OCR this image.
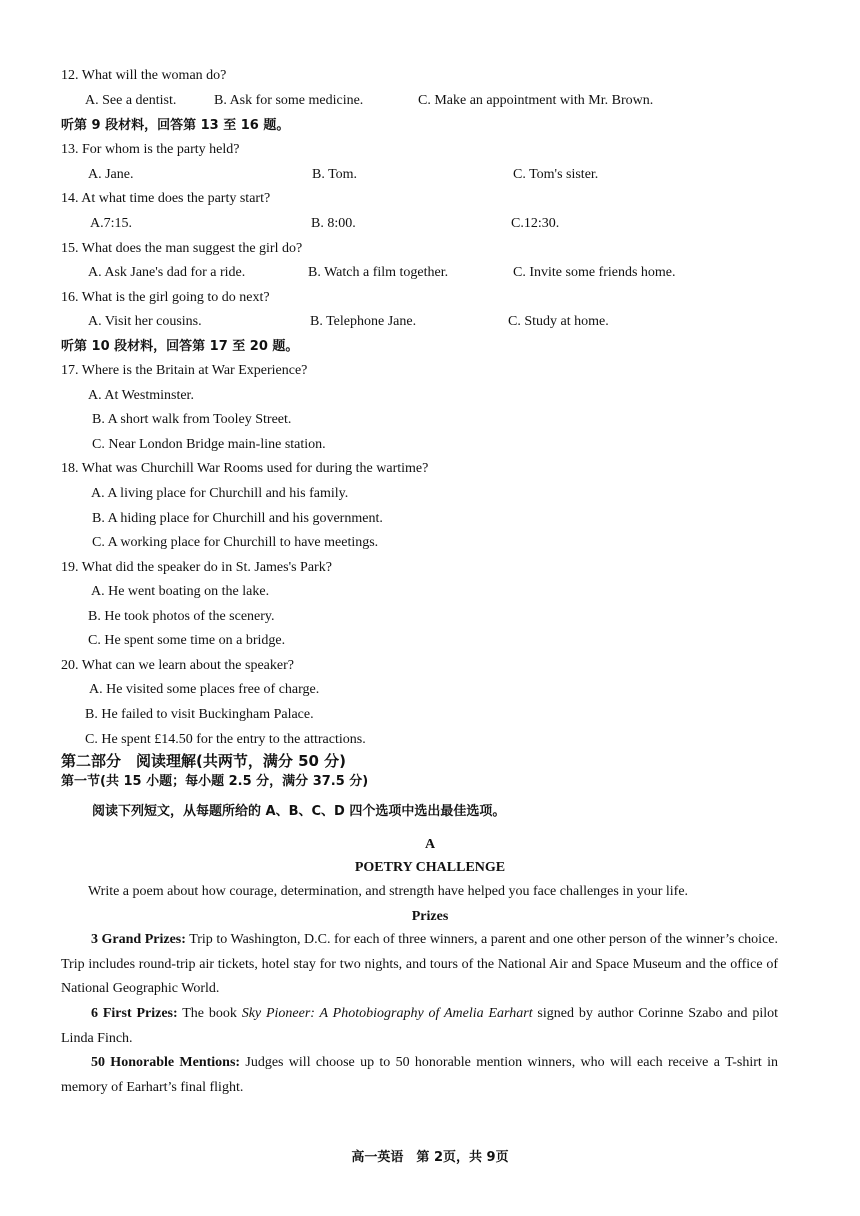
12. What will the woman do?
A. See a dentist.	B. Ask for some medicine.	C. Make an appointment with Mr. Brown.
听第 9 段材料，回答第 13 至 16 题。
13. For whom is the party held?
A. Jane.	B. Tom.	C. Tom's sister.
14. At what time does the party start?
A.7:15.	B. 8:00.	C.12:30.
15. What does the man suggest the girl do?
A. Ask Jane's dad for a ride.	B. Watch a film together.	C. Invite some friends home.
16. What is the girl going to do next?
A. Visit her cousins.	B. Telephone Jane.	C. Study at home.
听第 10 段材料，回答第 17 至 20 题。
17. Where is the Britain at War Experience?
A. At Westminster.
B. A short walk from Tooley Street.
C. Near London Bridge main-line station.
18. What was Churchill War Rooms used for during the wartime?
A. A living place for Churchill and his family.
B. A hiding place for Churchill and his government.
C. A working place for Churchill to have meetings.
19. What did the speaker do in St. James's Park?
A. He went boating on the lake.
B. He took photos of the scenery.
C. He spent some time on a bridge.
20. What can we learn about the speaker?
A. He visited some places free of charge.
B. He failed to visit Buckingham Palace.
C. He spent £14.50 for the entry to the attractions.
第二部分　阅读理解(共两节，满分 50 分)
第一节(共 15 小题；每小题 2.5 分，满分 37.5 分)
阅读下列短文，从每题所给的 A、B、C、D 四个选项中选出最佳选项。
A
POETRY CHALLENGE
Write a poem about how courage, determination, and strength have helped you face challenges in your life.
Prizes
3 Grand Prizes: Trip to Washington, D.C. for each of three winners, a parent and one other person of the winner’s choice. Trip includes round-trip air tickets, hotel stay for two nights, and tours of the National Air and Space Museum and the office of National Geographic World.
6 First Prizes: The book Sky Pioneer: A Photobiography of Amelia Earhart signed by author Corinne Szabo and pilot Linda Finch.
50 Honorable Mentions: Judges will choose up to 50 honorable mention winners, who will each receive a T-shirt in memory of Earhart’s final flight.
高一英语　第 2页，共 9页
